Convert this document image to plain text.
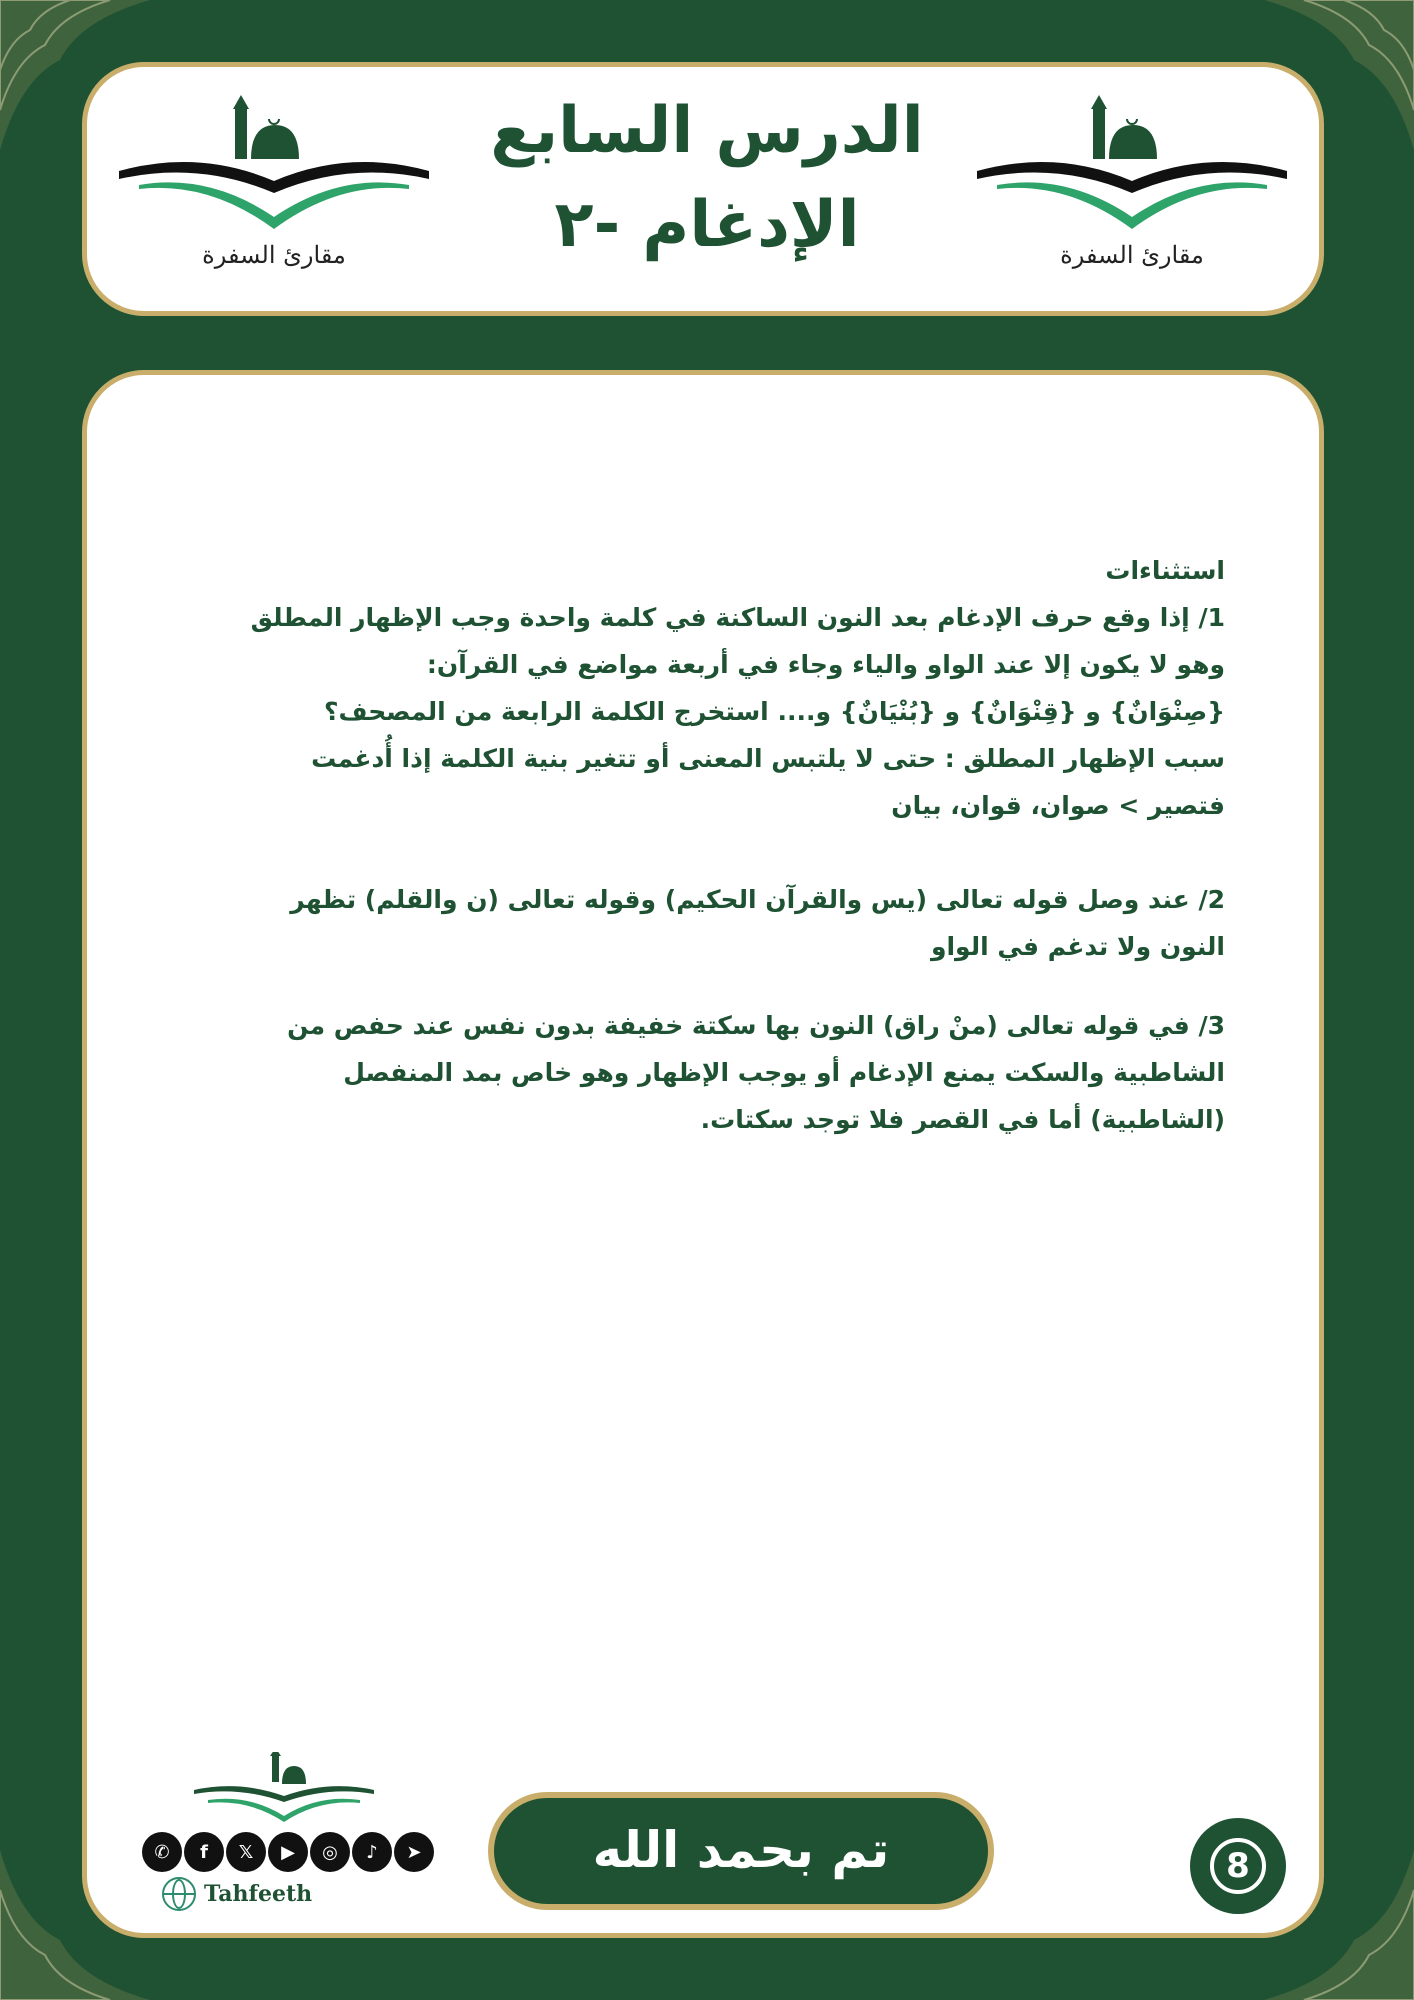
مقارئ السفرة
الدرس السابع
الإدغام -٢	مقارئ السفرة

استثناءات

1/ إذا وقع حرف الإدغام بعد النون الساكنة في كلمة واحدة وجب الإظهار المطلق

وهو لا يكون إلا عند الواو والياء وجاء في أربعة مواضع في القرآن:

{صِنْوَانٌ} و {قِنْوَانٌ} و {بُنْيَانٌ} و.... استخرج الكلمة الرابعة من المصحف؟

سبب الإظهار المطلق : حتى لا يلتبس المعنى أو تتغير بنية الكلمة إذا أُدغمت

فتصير > صوان، قوان، بيان

2/ عند وصل قوله تعالى (يس والقرآن الحكيم) وقوله تعالى (ن والقلم) تظهر

النون ولا تدغم في الواو

3/ في قوله تعالى (منْ راق) النون بها سكتة خفيفة بدون نفس عند حفص من

الشاطبية والسكت يمنع الإدغام أو يوجب الإظهار وهو خاص بمد المنفصل

(الشاطبية) أما في القصر فلا توجد سكتات.

✆	f	𝕏	▶	◎	♪	➤
Tahfeeth
تم بحمد الله	8
